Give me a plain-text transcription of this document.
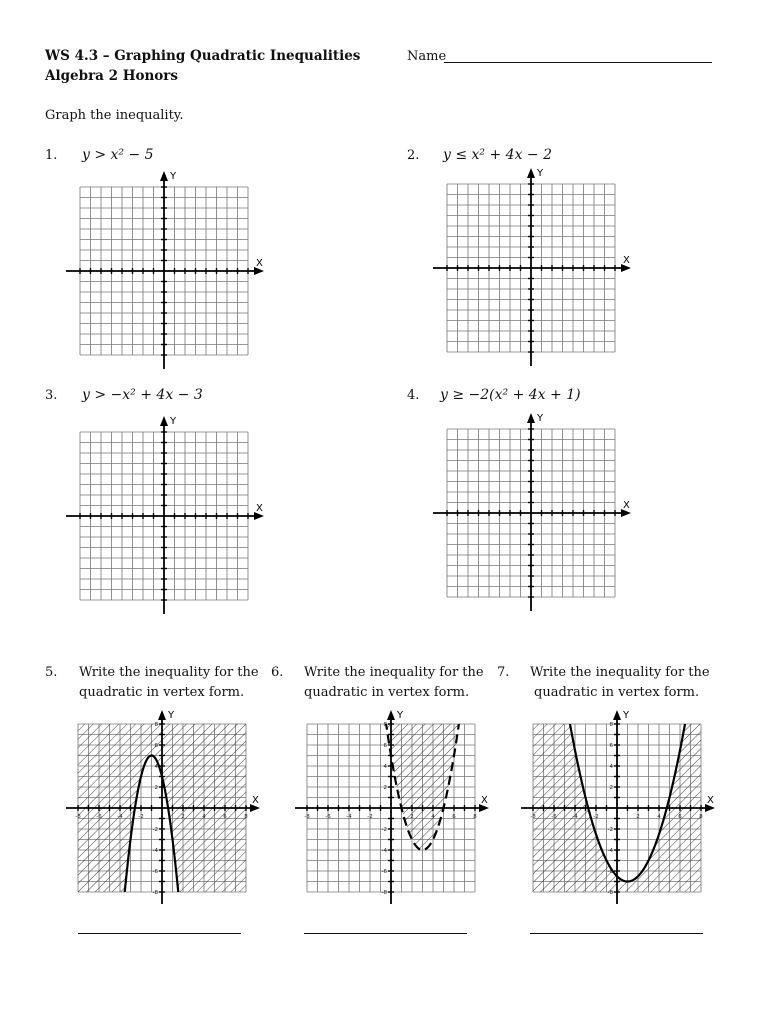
WS 4.3 – Graphing Quadratic Inequalities
Algebra 2 Honors
Name
Graph the inequality.
1. y > x² − 5	2. y ≤ x² + 4x − 2
3. y > −x² + 4x − 3	4. y ≥ −2(x² + 4x + 1)
Y
X
Y
X
Y
X
Y
X
5. Write the inequality for the
quadratic in vertex form.
6. Write the inequality for the
quadratic in vertex form.
7. Write the inequality for the
quadratic in vertex form.
Y
X
-8	-6	-4	-2	2	4	6	8
8
6
4
2
-2
-4
-6
-8
Y
X
-8	-6	-4	-2	2	4	6	8
8
6
4
2
-2
-4
-6
-8
Y
X
-8	-6	-4	-2	2	4	6	8
8
6
4
2
-2
-4
-6
-8
